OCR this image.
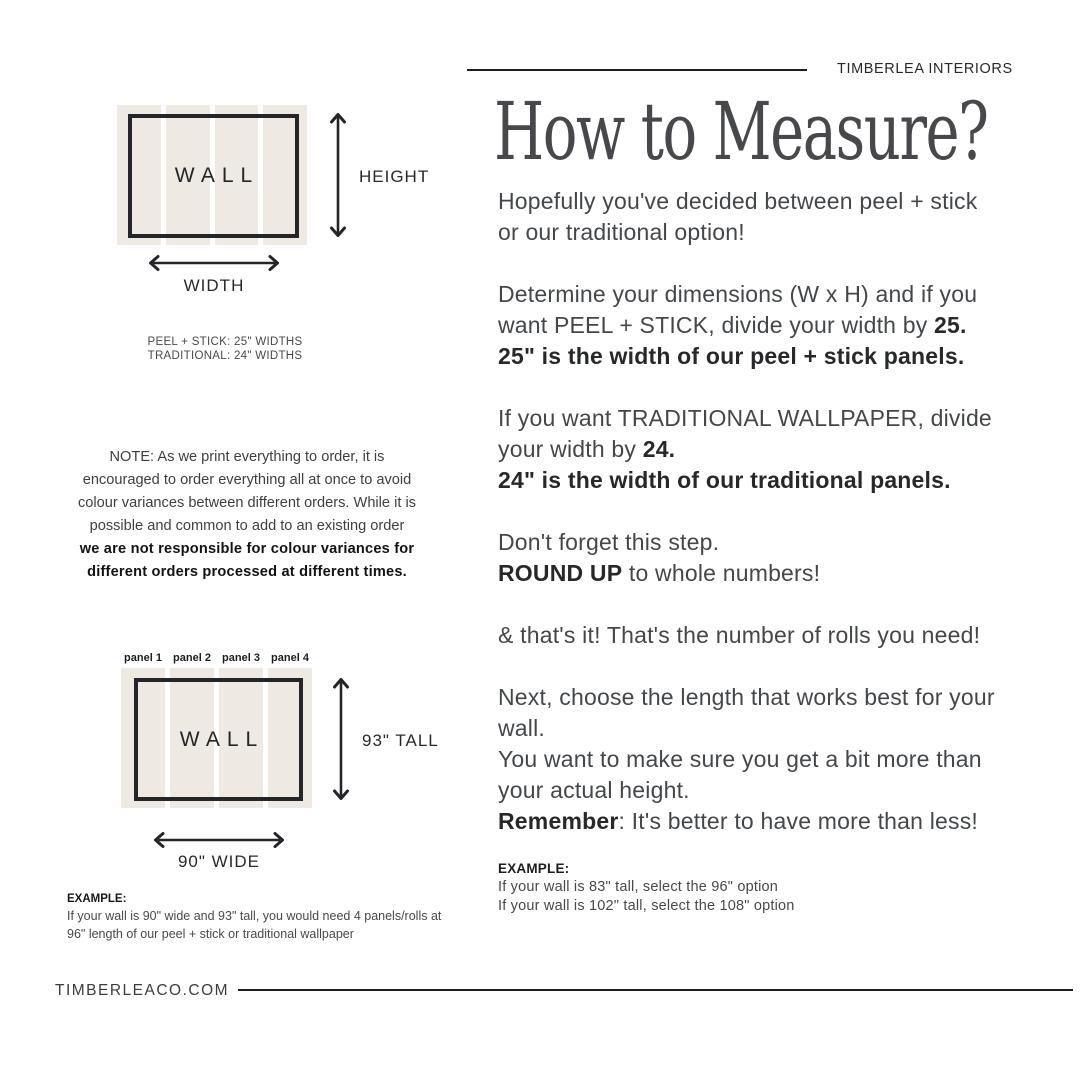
TIMBERLEA INTERIORS
WALL	HEIGHT
WIDTH
PEEL + STICK: 25" WIDTHS
TRADITIONAL: 24" WIDTHS
NOTE: As we print everything to order, it is
encouraged to order everything all at once to avoid
colour variances between different orders. While it is
possible and common to add to an existing order
we are not responsible for colour variances for
different orders processed at different times.
panel 1 panel 2 panel 3 panel 4
WALL	93" TALL
90" WIDE
EXAMPLE:
If your wall is 90" wide and 93" tall, you would need 4 panels/rolls at
96" length of our peel + stick or traditional wallpaper
How to Measure?
Hopefully you've decided between peel + stick
or our traditional option!
Determine your dimensions (W x H) and if you
want PEEL + STICK, divide your width by 25.
25" is the width of our peel + stick panels.
If you want TRADITIONAL WALLPAPER, divide
your width by 24.
24" is the width of our traditional panels.
Don't forget this step.
ROUND UP to whole numbers!
& that's it! That's the number of rolls you need!
Next, choose the length that works best for your
wall.
You want to make sure you get a bit more than
your actual height.
Remember: It's better to have more than less!
EXAMPLE:
If your wall is 83" tall, select the 96" option
If your wall is 102" tall, select the 108" option
TIMBERLEACO.COM
